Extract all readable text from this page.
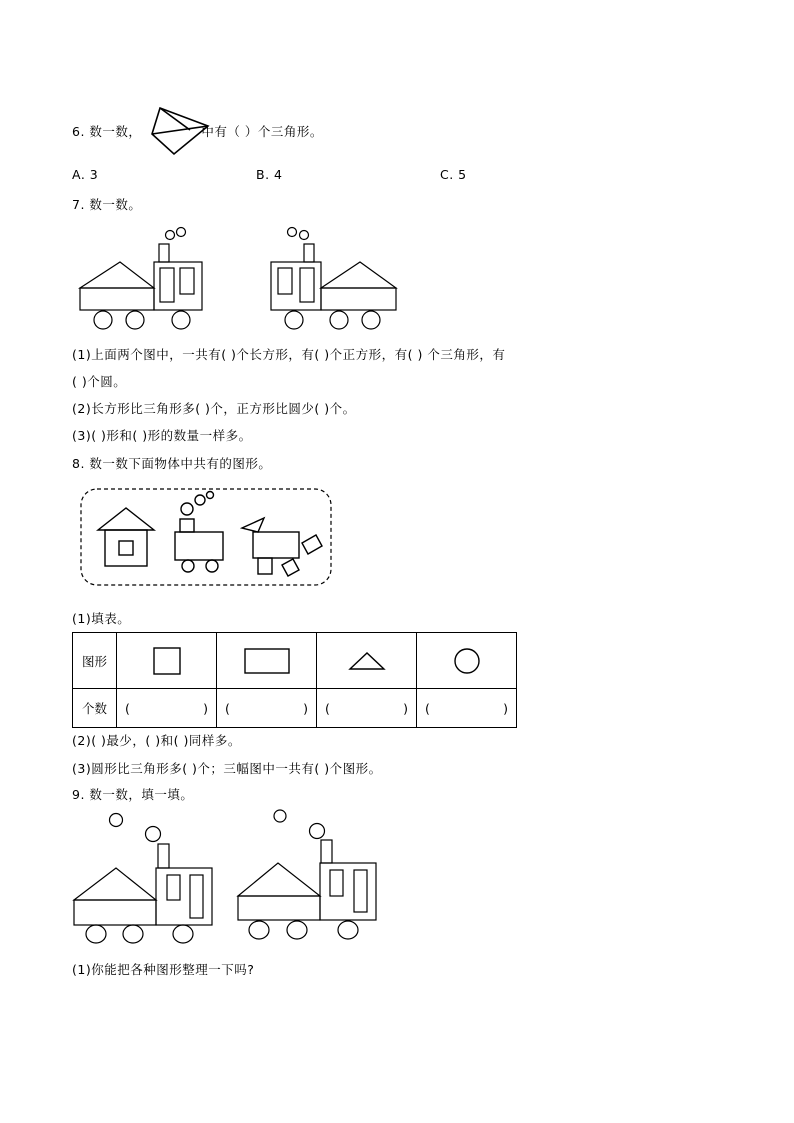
6. 数一数，	中有（ ）个三角形。
A. 3	B. 4	C. 5
7. 数一数。
(1)上面两个图中，一共有( )个长方形，有( )个正方形，有( ) 个三角形，有
( )个圆。
(2)长方形比三角形多( )个，正方形比圆少( )个。
(3)( )形和( )形的数量一样多。
8. 数一数下面物体中共有的图形。
(1)填表。
图形	

个数	( )	( )	( )	( )
(2)( )最少，( )和( )同样多。
(3)圆形比三角形多( )个；三幅图中一共有( )个图形。
9. 数一数，填一填。
(1)你能把各种图形整理一下吗?
